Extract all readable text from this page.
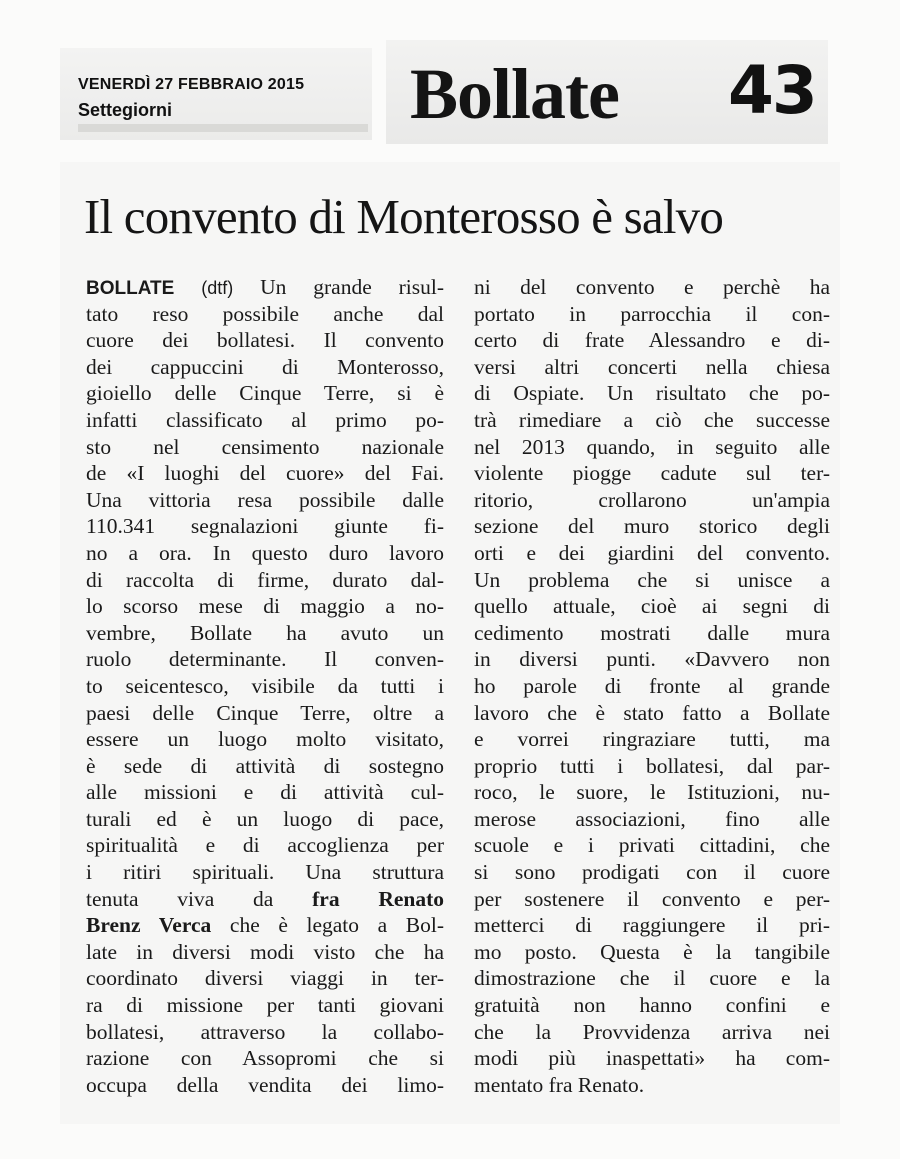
VENERDÌ 27 FEBBRAIO 2015
Settegiorni	Bollate 43
Il convento di Monterosso è salvo
BOLLATE (dtf) Un grande risul-
tato reso possibile anche dal
cuore dei bollatesi. Il convento
dei cappuccini di Monterosso,
gioiello delle Cinque Terre, si è
infatti classificato al primo po-
sto nel censimento nazionale
de «I luoghi del cuore» del Fai.
Una vittoria resa possibile dalle
110.341 segnalazioni giunte fi-
no a ora. In questo duro lavoro
di raccolta di firme, durato dal-
lo scorso mese di maggio a no-
vembre, Bollate ha avuto un
ruolo determinante. Il conven-
to seicentesco, visibile da tutti i
paesi delle Cinque Terre, oltre a
essere un luogo molto visitato,
è sede di attività di sostegno
alle missioni e di attività cul-
turali ed è un luogo di pace,
spiritualità e di accoglienza per
i ritiri spirituali. Una struttura
tenuta viva da fra Renato
Brenz Verca che è legato a Bol-
late in diversi modi visto che ha
coordinato diversi viaggi in ter-
ra di missione per tanti giovani
bollatesi, attraverso la collabo-
razione con Assopromi che si
occupa della vendita dei limo-
ni del convento e perchè ha
portato in parrocchia il con-
certo di frate Alessandro e di-
versi altri concerti nella chiesa
di Ospiate. Un risultato che po-
trà rimediare a ciò che successe
nel 2013 quando, in seguito alle
violente piogge cadute sul ter-
ritorio, crollarono un'ampia
sezione del muro storico degli
orti e dei giardini del convento.
Un problema che si unisce a
quello attuale, cioè ai segni di
cedimento mostrati dalle mura
in diversi punti. «Davvero non
ho parole di fronte al grande
lavoro che è stato fatto a Bollate
e vorrei ringraziare tutti, ma
proprio tutti i bollatesi, dal par-
roco, le suore, le Istituzioni, nu-
merose associazioni, fino alle
scuole e i privati cittadini, che
si sono prodigati con il cuore
per sostenere il convento e per-
metterci di raggiungere il pri-
mo posto. Questa è la tangibile
dimostrazione che il cuore e la
gratuità non hanno confini e
che la Provvidenza arriva nei
modi più inaspettati» ha com-
mentato fra Renato.
